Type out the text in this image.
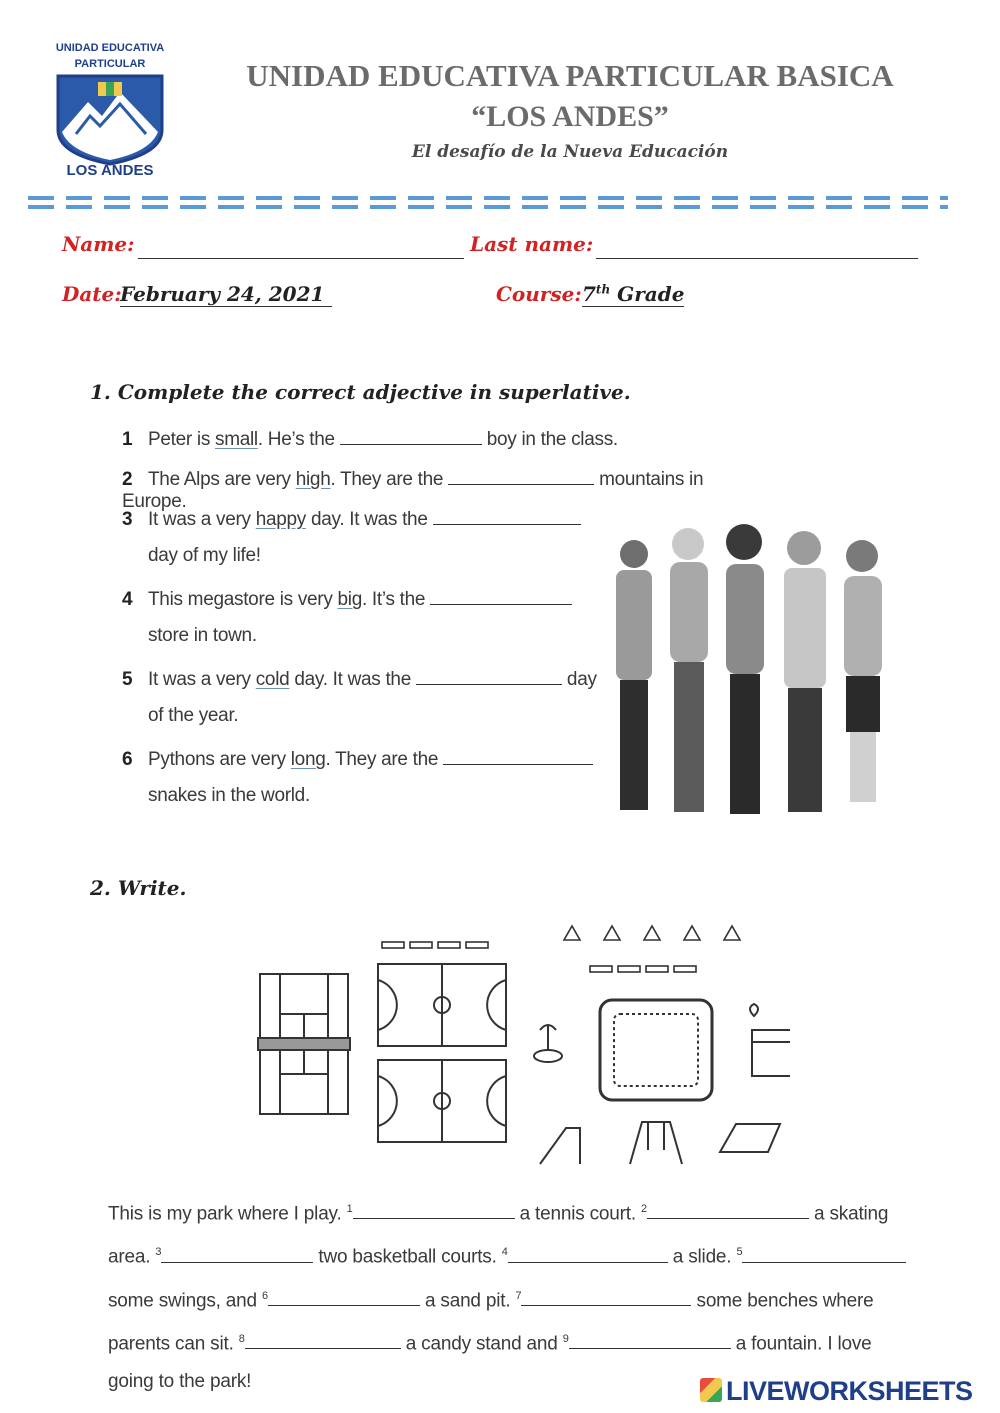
UNIDAD EDUCATIVA
PARTICULAR
LOS ANDES
UNIDAD EDUCATIVA PARTICULAR BASICA
“LOS ANDES”
El desafío de la Nueva Educación
Name:	Last name:
Date:
February 24, 2021	Course: 7th Grade
1. Complete the correct adjective in superlative.
1 Peter is small. He’s the	boy in the class.
2 The Alps are very high. They are the	mountains in Europe.
3 It was a very happy day. It was the
day of my life!
4 This megastore is very big. It’s the
store in town.
5 It was a very cold day. It was the	day
of the year.
6 Pythons are very long. They are the
snakes in the world.
2. Write.
This is my park where I play. $^1$	a tennis court. $^2$	a skating
area. $^3$	two basketball courts. $^4$	a slide. $^5$
some swings, and $^6$	a sand pit. $^7$	some benches where
parents can sit. $^8$	a candy stand and $^9$	a fountain. I love
going to the park!	LIVEWORKSHEETS
